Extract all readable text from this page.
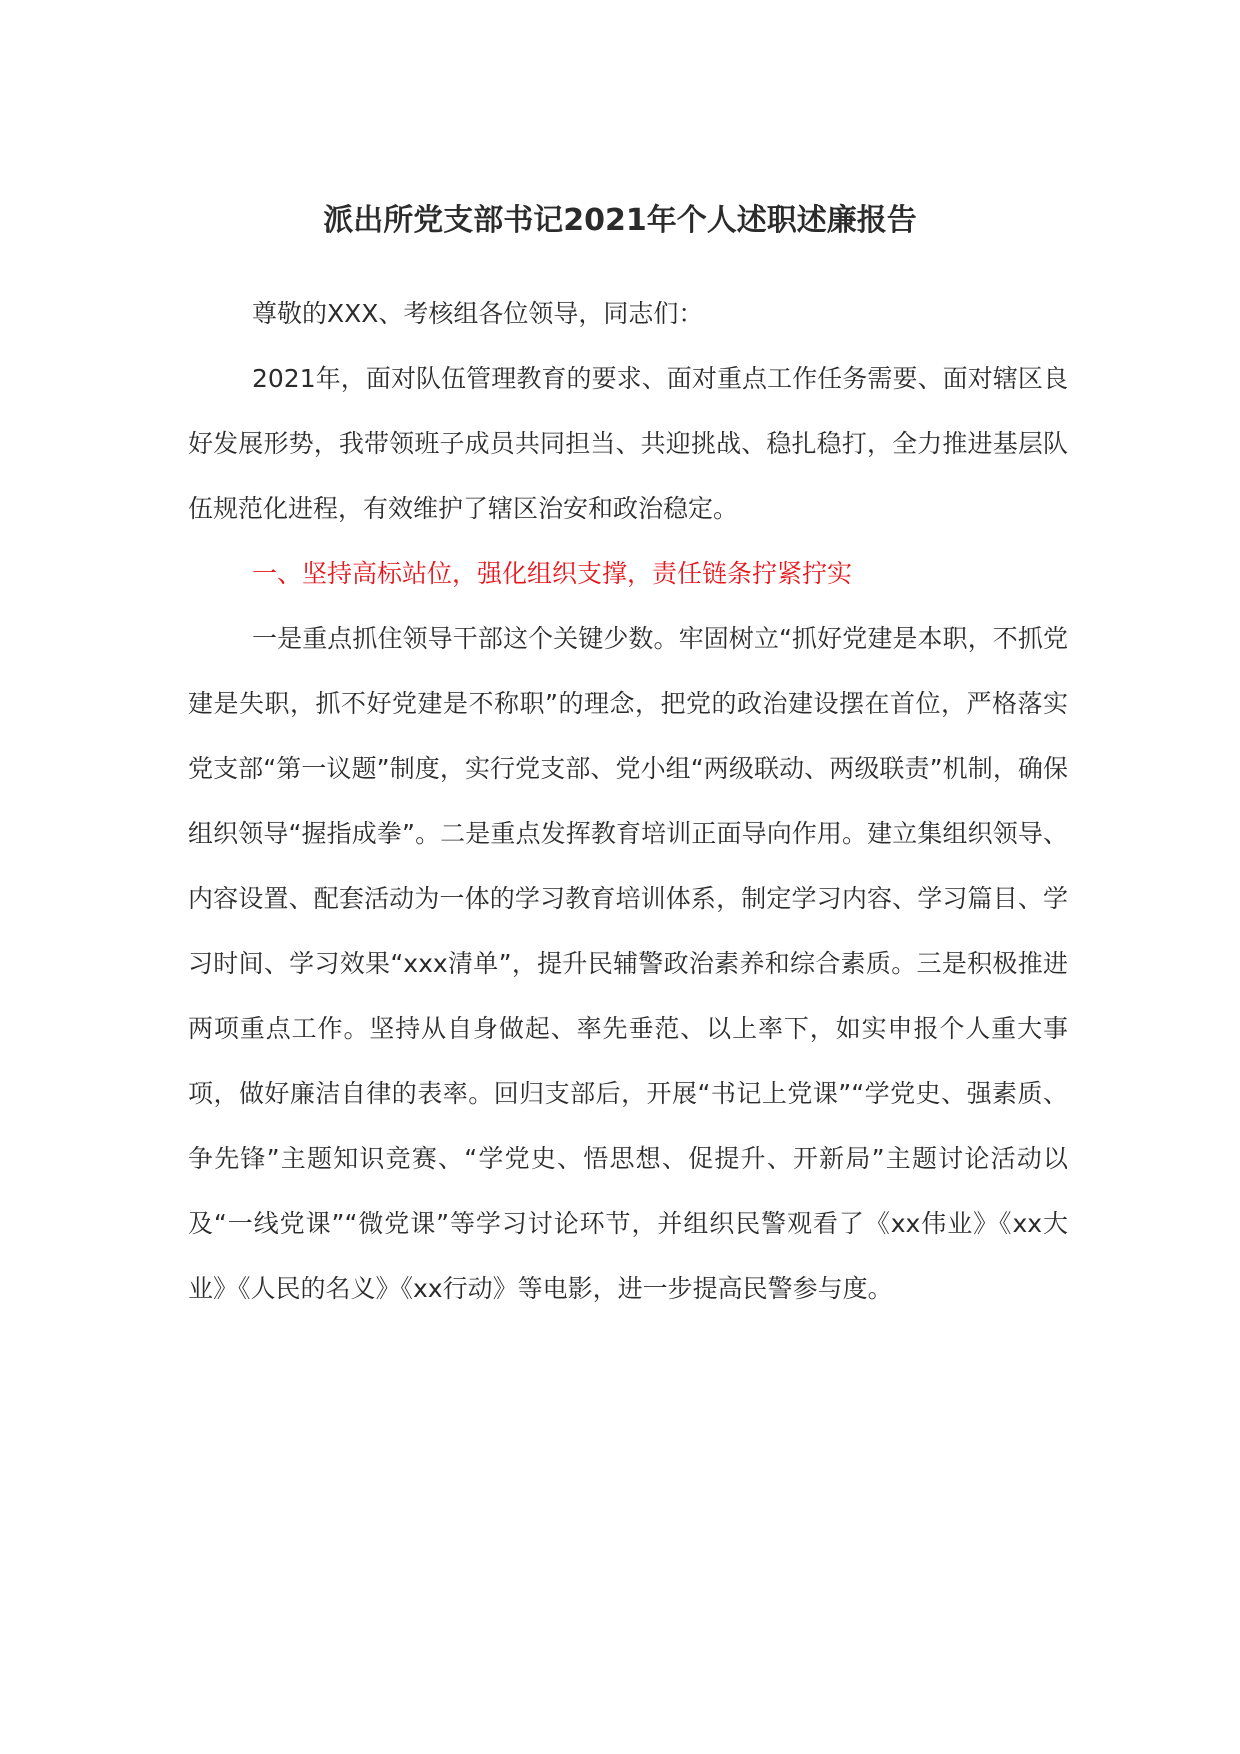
派出所党支部书记2021年个人述职述廉报告

尊敬的XXX、考核组各位领导，同志们：

2021年，面对队伍管理教育的要求、面对重点工作任务需要、面对辖区良好发展形势，我带领班子成员共同担当、共迎挑战、稳扎稳打，全力推进基层队伍规范化进程，有效维护了辖区治安和政治稳定。

一、坚持高标站位，强化组织支撑，责任链条拧紧拧实

一是重点抓住领导干部这个关键少数。牢固树立“抓好党建是本职，不抓党建是失职，抓不好党建是不称职”的理念，把党的政治建设摆在首位，严格落实党支部“第一议题”制度，实行党支部、党小组“两级联动、两级联责”机制，确保组织领导“握指成拳”。二是重点发挥教育培训正面导向作用。建立集组织领导、内容设置、配套活动为一体的学习教育培训体系，制定学习内容、学习篇目、学习时间、学习效果“xxx清单”，提升民辅警政治素养和综合素质。三是积极推进两项重点工作。坚持从自身做起、率先垂范、以上率下，如实申报个人重大事项，做好廉洁自律的表率。回归支部后，开展“书记上党课”“学党史、强素质、争先锋”主题知识竞赛、“学党史、悟思想、促提升、开新局”主题讨论活动以及“一线党课”“微党课”等学习讨论环节，并组织民警观看了《xx伟业》《xx大业》《人民的名义》《xx行动》等电影，进一步提高民警参与度。
